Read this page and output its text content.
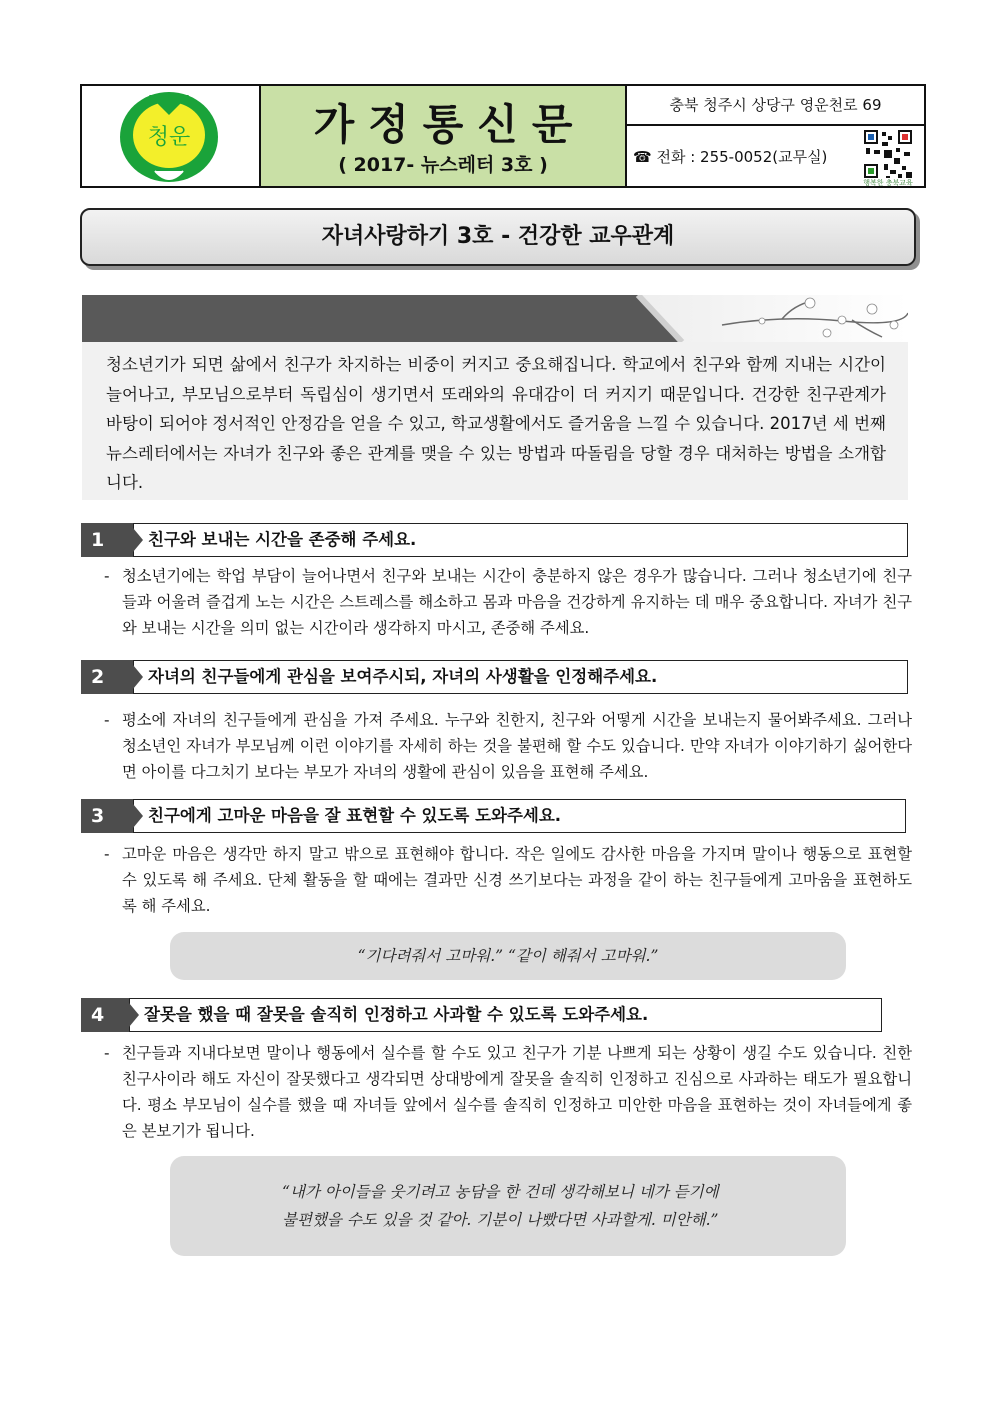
청운	가정통신문
( 2017- 뉴스레터 3호 )
충북 청주시 상당구 영운천로 69
☎ 전화 : 255-0052(교무실)
행복한 충북교육
자녀사랑하기 3호 - 건강한 교우관계
청소년기가 되면 삶에서 친구가 차지하는 비중이 커지고 중요해집니다. 학교에서 친구와 함께 지내는 시간이 늘어나고, 부모님으로부터 독립심이 생기면서 또래와의 유대감이 더 커지기 때문입니다. 건강한 친구관계가 바탕이 되어야 정서적인 안정감을 얻을 수 있고, 학교생활에서도 즐거움을 느낄 수 있습니다. 2017년 세 번째 뉴스레터에서는 자녀가 친구와 좋은 관계를 맺을 수 있는 방법과 따돌림을 당할 경우 대처하는 방법을 소개합니다.
1	친구와 보내는 시간을 존중해 주세요.
- 청소년기에는 학업 부담이 늘어나면서 친구와 보내는 시간이 충분하지 않은 경우가 많습니다. 그러나 청소년기에 친구들과 어울려 즐겁게 노는 시간은 스트레스를 해소하고 몸과 마음을 건강하게 유지하는 데 매우 중요합니다. 자녀가 친구와 보내는 시간을 의미 없는 시간이라 생각하지 마시고, 존중해 주세요.
2	자녀의 친구들에게 관심을 보여주시되, 자녀의 사생활을 인정해주세요.
- 평소에 자녀의 친구들에게 관심을 가져 주세요. 누구와 친한지, 친구와 어떻게 시간을 보내는지 물어봐주세요. 그러나 청소년인 자녀가 부모님께 이런 이야기를 자세히 하는 것을 불편해 할 수도 있습니다. 만약 자녀가 이야기하기 싫어한다면 아이를 다그치기 보다는 부모가 자녀의 생활에 관심이 있음을 표현해 주세요.
3	친구에게 고마운 마음을 잘 표현할 수 있도록 도와주세요.
- 고마운 마음은 생각만 하지 말고 밖으로 표현해야 합니다. 작은 일에도 감사한 마음을 가지며 말이나 행동으로 표현할 수 있도록 해 주세요. 단체 활동을 할 때에는 결과만 신경 쓰기보다는 과정을 같이 하는 친구들에게 고마움을 표현하도록 해 주세요.
“기다려줘서 고마워.” “같이 해줘서 고마워.”
4	잘못을 했을 때 잘못을 솔직히 인정하고 사과할 수 있도록 도와주세요.
- 친구들과 지내다보면 말이나 행동에서 실수를 할 수도 있고 친구가 기분 나쁘게 되는 상황이 생길 수도 있습니다. 친한 친구사이라 해도 자신이 잘못했다고 생각되면 상대방에게 잘못을 솔직히 인정하고 진심으로 사과하는 태도가 필요합니다. 평소 부모님이 실수를 했을 때 자녀들 앞에서 실수를 솔직히 인정하고 미안한 마음을 표현하는 것이 자녀들에게 좋은 본보기가 됩니다.
“내가 아이들을 웃기려고 농담을 한 건데 생각해보니 네가 듣기에
불편했을 수도 있을 것 같아. 기분이 나빴다면 사과할게. 미안해.”
